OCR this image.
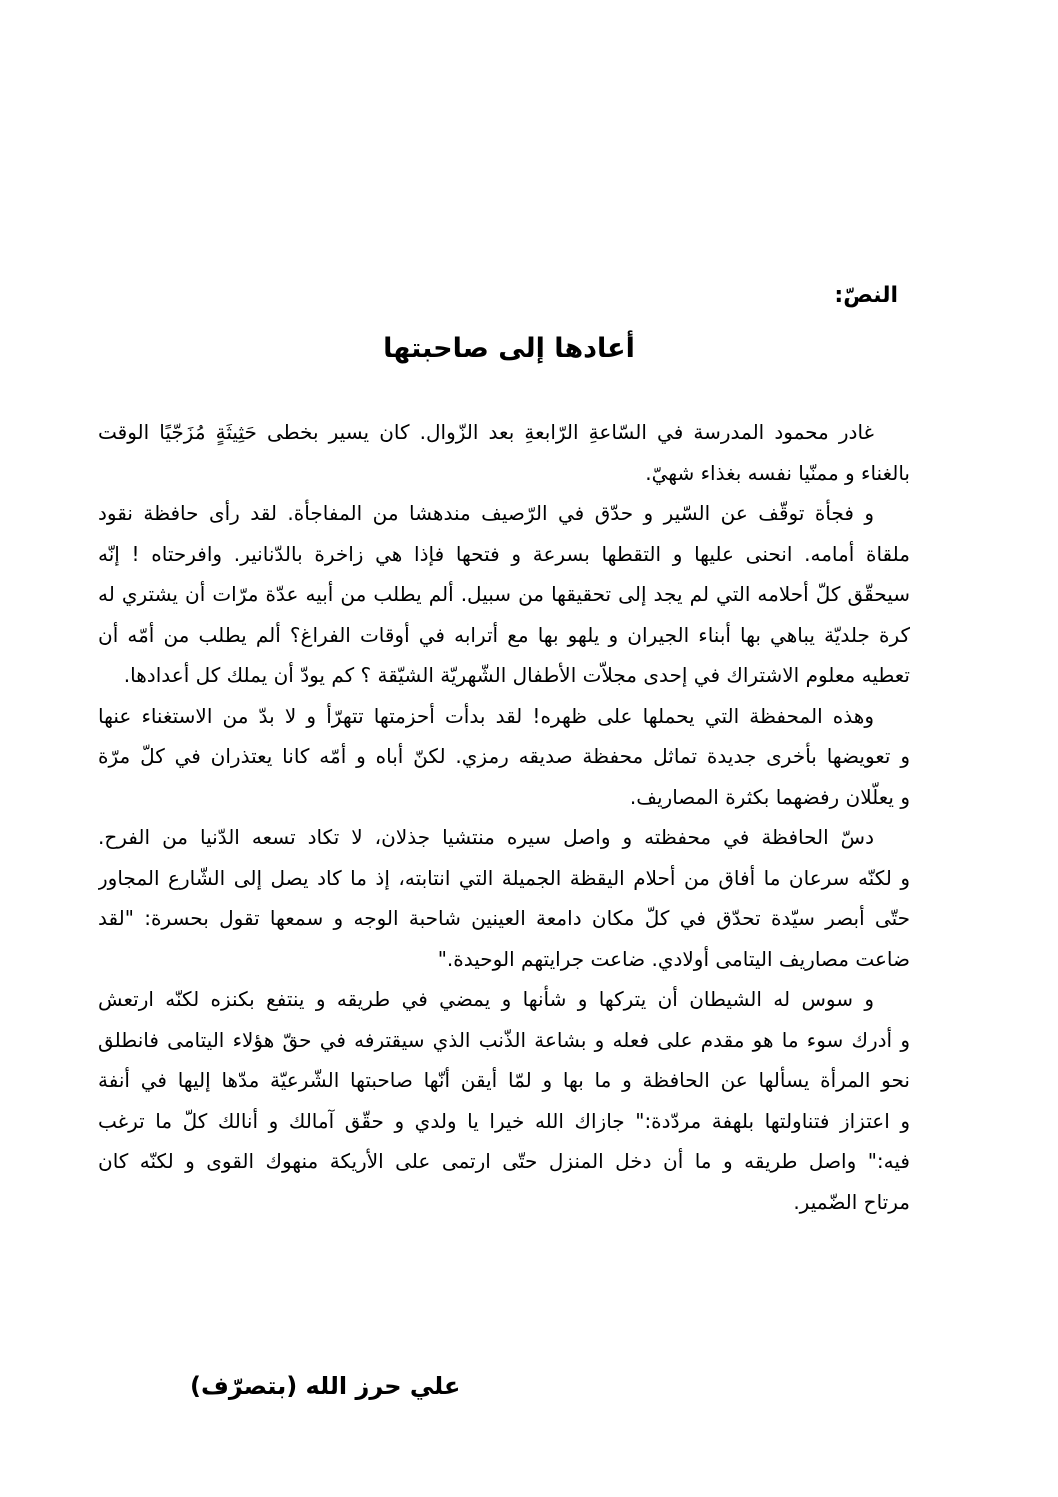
النصّ:
أعادها إلى صاحبتها
غادر محمود المدرسة في السّاعةِ الرّابعةِ بعد الزّوال. كان يسير بخطى حَثِيثَةٍ مُزَجّيًا الوقت
بالغناء و ممنّيا نفسه بغذاء شهيّ.
و فجأة توقّف عن السّير و حدّق في الرّصيف مندهشا من المفاجأة. لقد رأى حافظة نقود
ملقاة أمامه. انحنى عليها و التقطها بسرعة و فتحها فإذا هي زاخرة بالدّنانير. وافرحتاه ! إنّه
سيحقّق كلّ أحلامه التي لم يجد إلى تحقيقها من سبيل. ألم يطلب من أبيه عدّة مرّات أن يشتري له
كرة جلديّة يباهي بها أبناء الجيران و يلهو بها مع أترابه في أوقات الفراغ؟ ألم يطلب من أمّه أن
تعطيه معلوم الاشتراك في إحدى مجلاّت الأطفال الشّهريّة الشيّقة ؟ كم يودّ أن يملك كل أعدادها.
وهذه المحفظة التي يحملها على ظهره! لقد بدأت أحزمتها تتهرّأ و لا بدّ من الاستغناء عنها
و تعويضها بأخرى جديدة تماثل محفظة صديقه رمزي. لكنّ أباه و أمّه كانا يعتذران في كلّ مرّة
و يعلّلان رفضهما بكثرة المصاريف.
دسّ الحافظة في محفظته و واصل سيره منتشيا جذلان، لا تكاد تسعه الدّنيا من الفرح.
و لكنّه سرعان ما أفاق من أحلام اليقظة الجميلة التي انتابته، إذ ما كاد يصل إلى الشّارع المجاور
حتّى أبصر سيّدة تحدّق في كلّ مكان دامعة العينين شاحبة الوجه و سمعها تقول بحسرة: "لقد
ضاعت مصاريف اليتامى أولادي. ضاعت جرايتهم الوحيدة."
و سوس له الشيطان أن يتركها و شأنها و يمضي في طريقه و ينتفع بكنزه لكنّه ارتعش
و أدرك سوء ما هو مقدم على فعله و بشاعة الذّنب الذي سيقترفه في حقّ هؤلاء اليتامى فانطلق
نحو المرأة يسألها عن الحافظة و ما بها و لمّا أيقن أنّها صاحبتها الشّرعيّة مدّها إليها في أنفة
و اعتزاز فتناولتها بلهفة مردّدة:" جازاك الله خيرا يا ولدي و حقّق آمالك و أنالك كلّ ما ترغب
فيه:" واصل طريقه و ما أن دخل المنزل حتّى ارتمى على الأريكة منهوك القوى و لكنّه كان
مرتاح الضّمير.
علي حرز الله (بتصرّف)
